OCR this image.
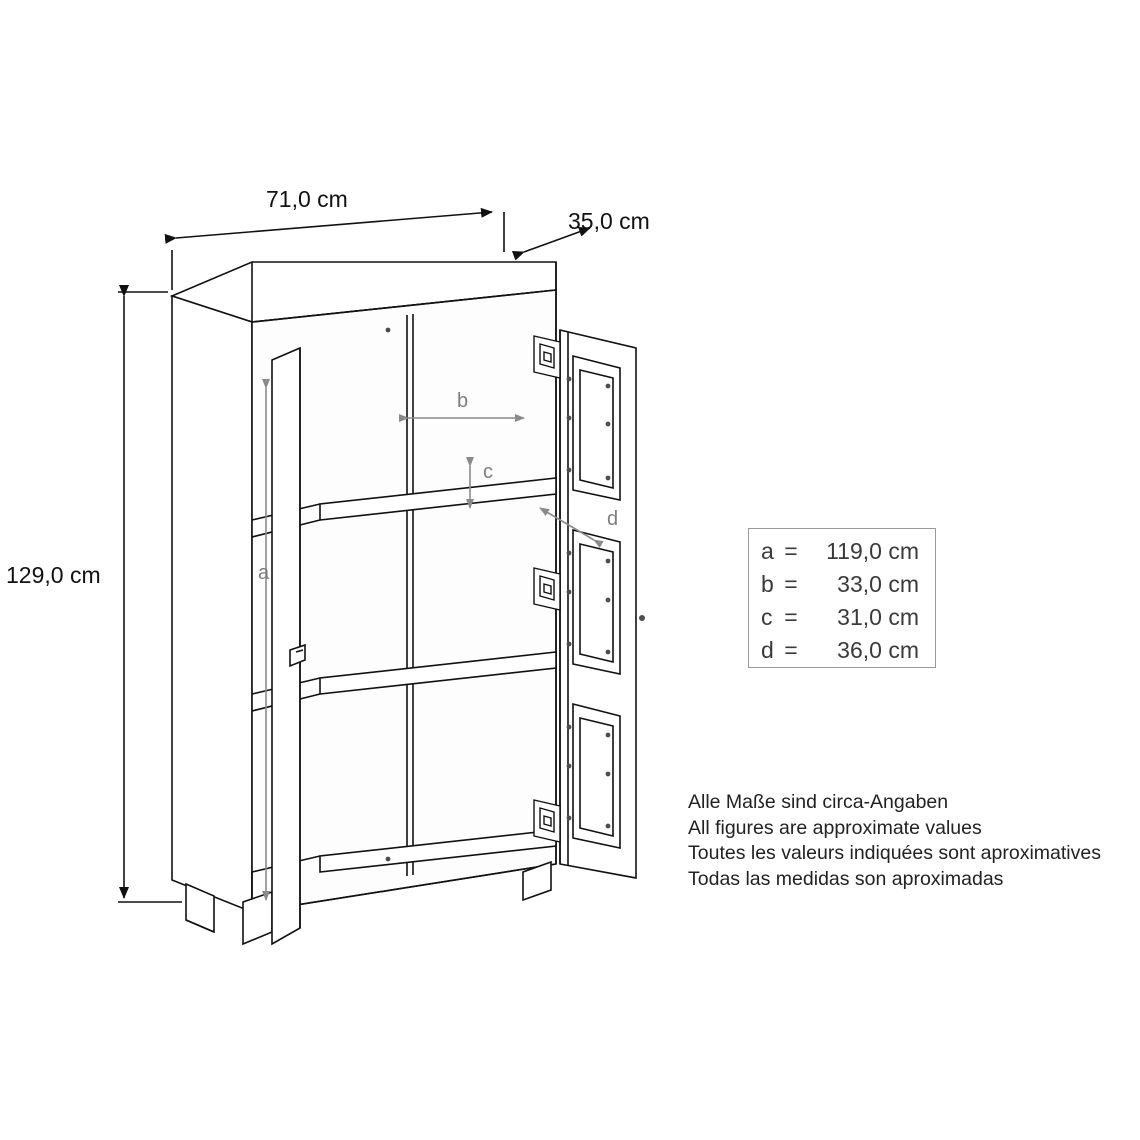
71,0 cm
35,0 cm
129,0 cm	a
b
c
d
a =	119,0 cm
b =	33,0 cm
c =	31,0 cm
d =	36,0 cm
Alle Maße sind circa-Angaben
All figures are approximate values
Toutes les valeurs indiquées sont aproximatives
Todas las medidas son aproximadas
